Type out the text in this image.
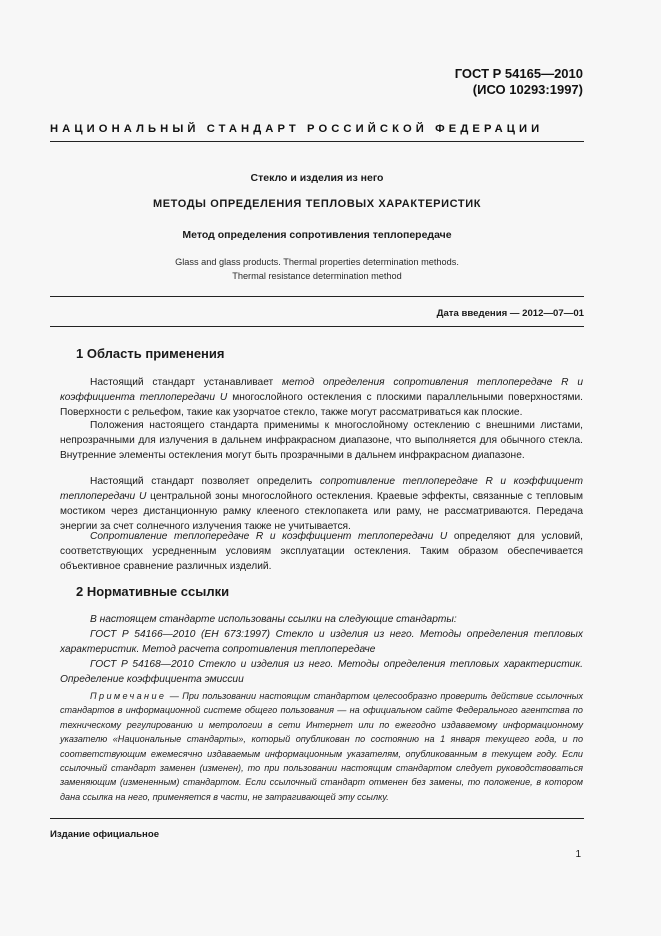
ГОСТ Р 54165—2010
(ИСО 10293:1997)
НАЦИОНАЛЬНЫЙ СТАНДАРТ РОССИЙСКОЙ ФЕДЕРАЦИИ
Стекло и изделия из него
МЕТОДЫ ОПРЕДЕЛЕНИЯ ТЕПЛОВЫХ ХАРАКТЕРИСТИК
Метод определения сопротивления теплопередаче
Glass and glass products. Thermal properties determination methods.
Thermal resistance determination method
Дата введения — 2012—07—01
1 Область применения

Настоящий стандарт устанавливает метод определения сопротивления теплопередаче R и коэффициента теплопередачи U многослойного остекления с плоскими параллельными поверхностями. Поверхности с рельефом, такие как узорчатое стекло, также могут рассматриваться как плоские.

Положения настоящего стандарта применимы к многослойному остеклению с внешними листами, непрозрачными для излучения в дальнем инфракрасном диапазоне, что выполняется для обычного стекла. Внутренние элементы остекления могут быть прозрачными в дальнем инфракрасном диапазоне.

Настоящий стандарт позволяет определить сопротивление теплопередаче R и коэффициент теплопередачи U центральной зоны многослойного остекления. Краевые эффекты, связанные с тепловым мостиком через дистанционную рамку клееного стеклопакета или раму, не рассматриваются. Передача энергии за счет солнечного излучения также не учитывается.

Сопротивление теплопередаче R и коэффициент теплопередачи U определяют для условий, соответствующих усредненным условиям эксплуатации остекления. Таким образом обеспечивается объективное сравнение различных изделий.

2 Нормативные ссылки

В настоящем стандарте использованы ссылки на следующие стандарты:

ГОСТ Р 54166—2010 (ЕН 673:1997) Стекло и изделия из него. Методы определения тепловых характеристик. Метод расчета сопротивления теплопередаче

ГОСТ Р 54168—2010 Стекло и изделия из него. Методы определения тепловых характеристик. Определение коэффициента эмиссии

Примечание — При пользовании настоящим стандартом целесообразно проверить действие ссылочных стандартов в информационной системе общего пользования — на официальном сайте Федерального агентства по техническому регулированию и метрологии в сети Интернет или по ежегодно издаваемому информационному указателю «Национальные стандарты», который опубликован по состоянию на 1 января текущего года, и по соответствующим ежемесячно издаваемым информационным указателям, опубликованным в текущем году. Если ссылочный стандарт заменен (изменен), то при пользовании настоящим стандартом следует руководствоваться заменяющим (измененным) стандартом. Если ссылочный стандарт отменен без замены, то положение, в котором дана ссылка на него, применяется в части, не затрагивающей эту ссылку.

Издание официальное
1
